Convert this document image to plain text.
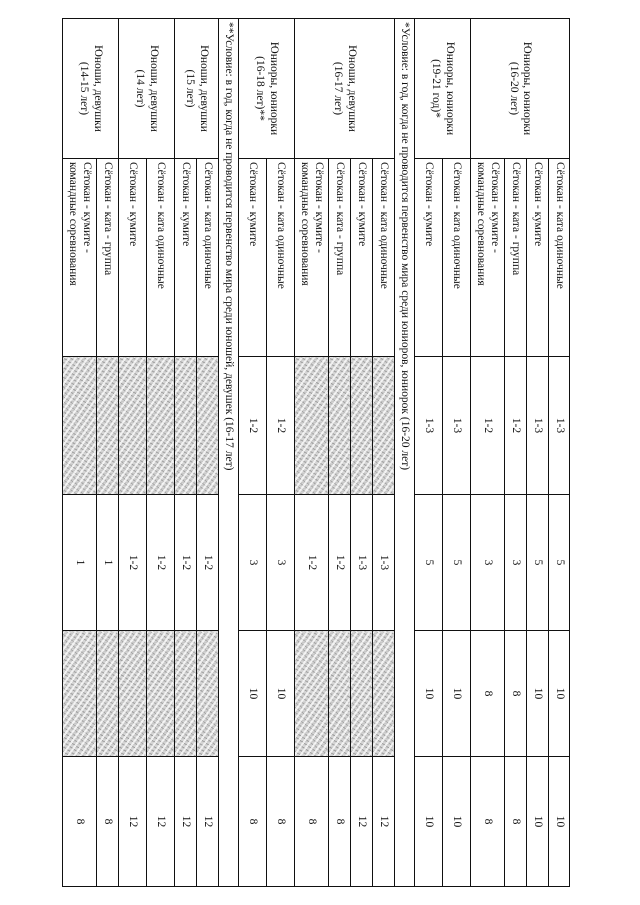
Юниоры, юниорки
(16-20 лет)	Сётокан - ката одиночные	1-3	5	10	10
	Сётокан - кумите	1-3	5	10	10
	Сётокан - ката - группа	1-2	3	8	8
	Сётокан - кумите -
командные соревнования	1-2	3	8	8
Юниоры, юниорки
(19-21 год)*	Сётокан - ката одиночные	1-3	5	10	10
	Сётокан - кумите	1-3	5	10	10
*Условие: в год, когда не проводится первенство мира среди юниоров, юниорок (16-20 лет)					
Юноши, девушки
(16-17 лет)	Сётокан - ката одиночные		1-3		12
	Сётокан - кумите		1-3		12
	Сётокан - ката - группа		1-2		8
	Сётокан - кумите -
командные соревнования		1-2		8
Юниоры, юниорки
(16-18 лет)**	Сётокан - ката одиночные	1-2	3	10	8
	Сётокан - кумите	1-2	3	10	8
**Условие: в год, когда не проводится первенство мира среди юношей, девушек (16-17 лет)					
Юноши, девушки
(15 лет)	Сётокан - ката одиночные		1-2		12
	Сётокан - кумите		1-2		12
Юноши, девушки
(14 лет)	Сётокан - ката одиночные		1-2		12
	Сётокан - кумите		1-2		12
Юноши, девушки
(14-15 лет)	Сётокан - ката - группа		1		8
	Сётокан - кумите -
командные соревнования		1		8
